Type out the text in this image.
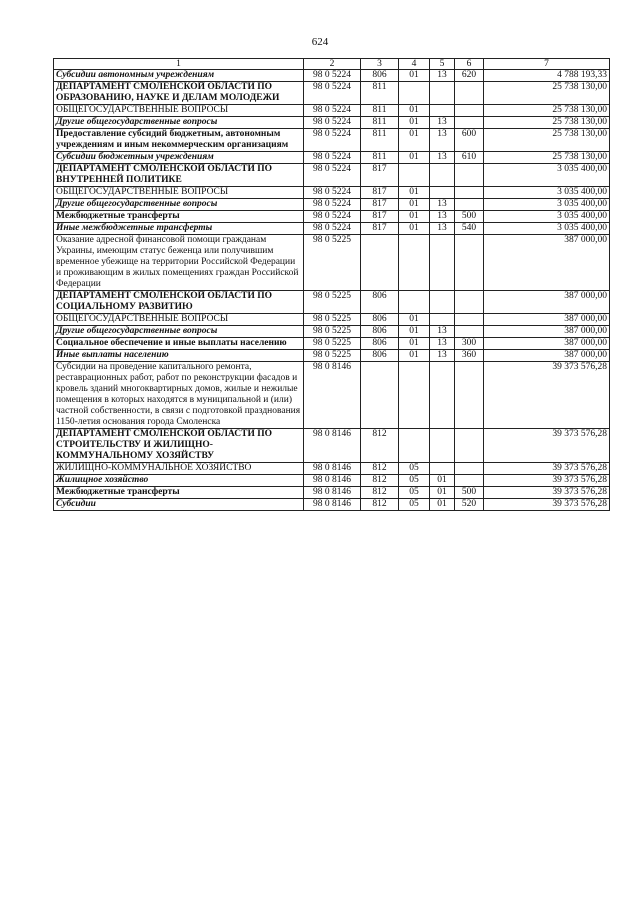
624
1	2	3	4	5	6	7
Субсидии автономным учреждениям	98 0 5224	806	01	13	620	4 788 193,33
ДЕПАРТАМЕНТ СМОЛЕНСКОЙ ОБЛАСТИ ПО ОБРАЗОВАНИЮ, НАУКЕ И ДЕЛАМ МОЛОДЕЖИ	98 0 5224	811				25 738 130,00
ОБЩЕГОСУДАРСТВЕННЫЕ ВОПРОСЫ	98 0 5224	811	01			25 738 130,00
Другие общегосударственные вопросы	98 0 5224	811	01	13		25 738 130,00
Предоставление субсидий бюджетным, автономным учреждениям и иным некоммерческим организациям	98 0 5224	811	01	13	600	25 738 130,00
Субсидии бюджетным учреждениям	98 0 5224	811	01	13	610	25 738 130,00
ДЕПАРТАМЕНТ СМОЛЕНСКОЙ ОБЛАСТИ ПО ВНУТРЕННЕЙ ПОЛИТИКЕ	98 0 5224	817				3 035 400,00
ОБЩЕГОСУДАРСТВЕННЫЕ ВОПРОСЫ	98 0 5224	817	01			3 035 400,00
Другие общегосударственные вопросы	98 0 5224	817	01	13		3 035 400,00
Межбюджетные трансферты	98 0 5224	817	01	13	500	3 035 400,00
Иные межбюджетные трансферты	98 0 5224	817	01	13	540	3 035 400,00
Оказание адресной финансовой помощи гражданам Украины, имеющим статус беженца или получившим временное убежище на территории Российской Федерации и проживающим в жилых помещениях граждан Российской Федерации	98 0 5225					387 000,00
ДЕПАРТАМЕНТ СМОЛЕНСКОЙ ОБЛАСТИ ПО СОЦИАЛЬНОМУ РАЗВИТИЮ	98 0 5225	806				387 000,00
ОБЩЕГОСУДАРСТВЕННЫЕ ВОПРОСЫ	98 0 5225	806	01			387 000,00
Другие общегосударственные вопросы	98 0 5225	806	01	13		387 000,00
Социальное обеспечение и иные выплаты населению	98 0 5225	806	01	13	300	387 000,00
Иные выплаты населению	98 0 5225	806	01	13	360	387 000,00
Субсидии на проведение капитального ремонта, реставрационных работ, работ по реконструкции фасадов и кровель зданий многоквартирных домов, жилые и нежилые помещения в которых находятся в муниципальной и (или) частной собственности, в связи с подготовкой празднования 1150-летия основания города Смоленска	98 0 8146					39 373 576,28
ДЕПАРТАМЕНТ СМОЛЕНСКОЙ ОБЛАСТИ ПО СТРОИТЕЛЬСТВУ И ЖИЛИЩНО-КОММУНАЛЬНОМУ ХОЗЯЙСТВУ	98 0 8146	812				39 373 576,28
ЖИЛИЩНО-КОММУНАЛЬНОЕ ХОЗЯЙСТВО	98 0 8146	812	05			39 373 576,28
Жилищное хозяйство	98 0 8146	812	05	01		39 373 576,28
Межбюджетные трансферты	98 0 8146	812	05	01	500	39 373 576,28
Субсидии	98 0 8146	812	05	01	520	39 373 576,28
